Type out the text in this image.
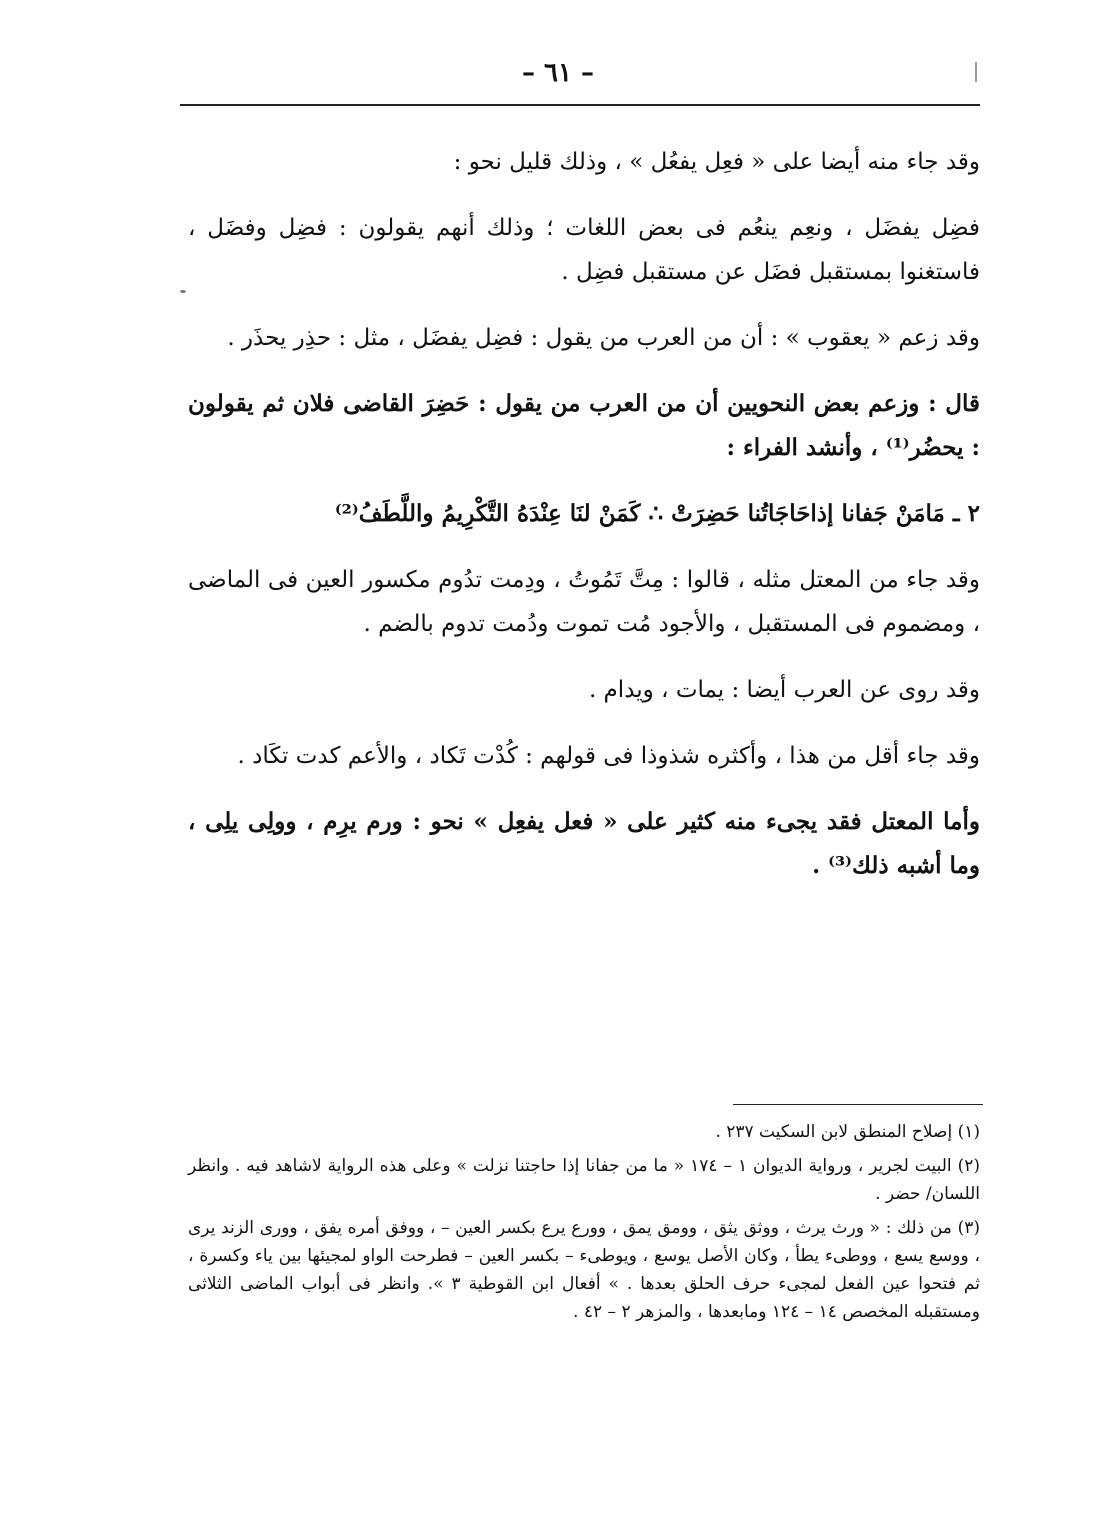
– ٦١ –

وقد جاء منه أيضا على « فعِل يفعُل » ، وذلك قليل نحو :

فضِل يفضَل ، ونعِم ينعُم فى بعض اللغات ؛ وذلك أنهم يقولون : فضِل وفضَل ، فاستغنوا بمستقبل فضَل عن مستقبل فضِل .

وقد زعم « يعقوب » : أن من العرب من يقول : فضِل يفضَل ، مثل : حذِر يحذَر .

قال : وزعم بعض النحويين أن من العرب من يقول : حَضِرَ القاضى فلان ثم يقولون : يحضُر⁽¹⁾ ، وأنشد الفراء :

٢ ـ مَامَنْ جَفانا إذاحَاجَاتُنا حَضِرَتْ ∴ كَمَنْ لنَا عِنْدَهُ التَّكْرِيمُ واللَّطَفُ⁽²⁾

وقد جاء من المعتل مثله ، قالوا : مِتَّ تَمُوتُ ، ودِمت تدُوم مكسور العين فى الماضى ، ومضموم فى المستقبل ، والأجود مُت تموت ودُمت تدوم بالضم .

وقد روى عن العرب أيضا : يمات ، ويدام .

وقد جاء أقل من هذا ، وأكثره شذوذا فى قولهم : كُدْت تَكاد ، والأعم كدت تكَاد .

وأما المعتل فقد يجىء منه كثير على « فعل يفعِل » نحو : ورم يرِم ، وولِى يلِى ، وما أشبه ذلك⁽³⁾ .

(١) إصلاح المنطق لابن السكيت ٢٣٧ .

(٢) البيت لجرير ، ورواية الديوان ١ – ١٧٤ « ما من جفانا إذا حاجتنا نزلت » وعلى هذه الرواية لاشاهد فيه . وانظر اللسان/ حضر .

(٣) من ذلك : « ورث يرث ، ووثق يثق ، وومق يمق ، وورع يرع بكسر العين – ، ووفق أمره يفق ، وورى الزند يرى ، ووسع يسع ، ووطىء يطأ ، وكان الأصل يوسع ، ويوطىء – بكسر العين – فطرحت الواو لمجيئها بين ياء وكسرة ، ثم فتحوا عين الفعل لمجىء حرف الحلق بعدها . » أفعال ابن القوطية ٣ ». وانظر فى أبواب الماضى الثلاثى ومستقبله المخصص ١٤ – ١٢٤ ومابعدها ، والمزهر ٢ – ٤٢ .
